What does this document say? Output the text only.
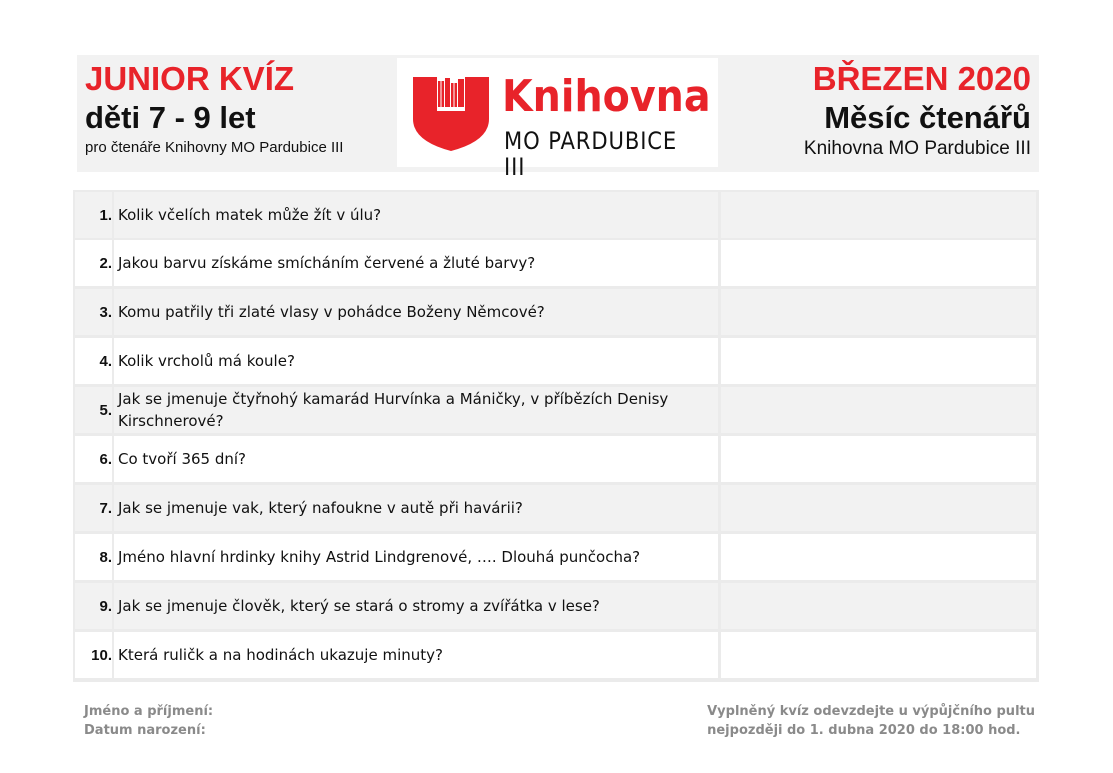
JUNIOR KVÍZ
děti 7 - 9 let
pro čtenáře Knihovny MO Pardubice III
Knihovna
MO PARDUBICE III
BŘEZEN 2020
Měsíc čtenářů
Knihovna MO Pardubice III
1. Kolik včelích matek může žít v úlu?
2. Jakou barvu získáme smícháním červené a žluté barvy?
3. Komu patřily tři zlaté vlasy v pohádce Boženy Němcové?
4. Kolik vrcholů má koule?
5.
Jak se jmenuje čtyřnohý kamarád Hurvínka a Máničky, v příbězích Denisy Kirschnerové?
6. Co tvoří 365 dní?
7. Jak se jmenuje vak, který nafoukne v autě při havárii?
8. Jméno hlavní hrdinky knihy Astrid Lindgrenové, …. Dlouhá punčocha?
9. Jak se jmenuje člověk, který se stará o stromy a zvířátka v lese?
10. Která ruličk a na hodinách ukazuje minuty?
Jméno a příjmení:
Datum narození:
Vyplněný kvíz odevzdejte u výpůjčního pultu
nejpozději do 1. dubna 2020 do 18:00 hod.
